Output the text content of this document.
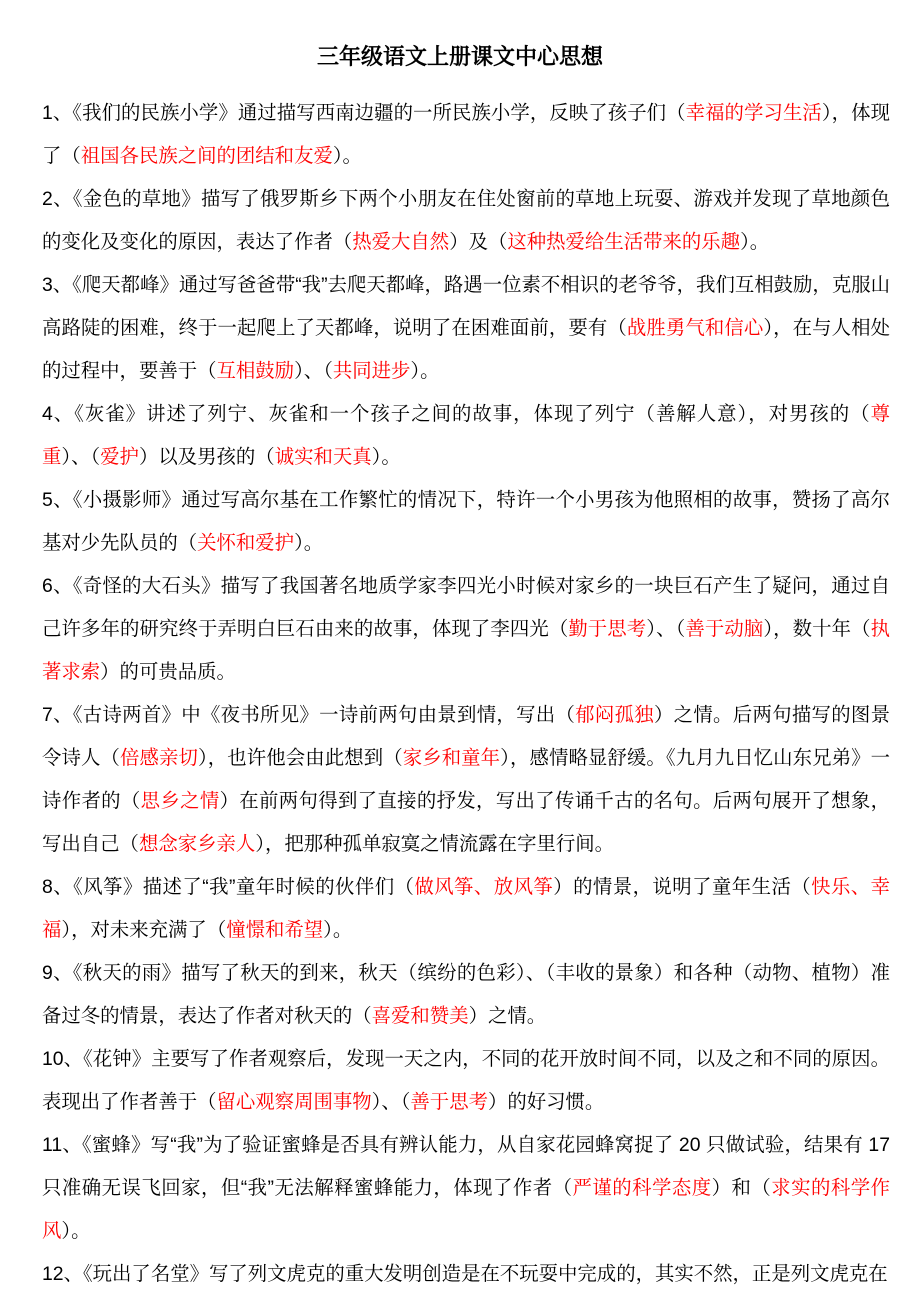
三年级语文上册课文中心思想

1、《我们的民族小学》通过描写西南边疆的一所民族小学，反映了孩子们（幸福的学习生活），体现了（祖国各民族之间的团结和友爱）。

2、《金色的草地》描写了俄罗斯乡下两个小朋友在住处窗前的草地上玩耍、游戏并发现了草地颜色的变化及变化的原因，表达了作者（热爱大自然）及（这种热爱给生活带来的乐趣）。

3、《爬天都峰》通过写爸爸带“我”去爬天都峰，路遇一位素不相识的老爷爷，我们互相鼓励，克服山高路陡的困难，终于一起爬上了天都峰，说明了在困难面前，要有（战胜勇气和信心），在与人相处的过程中，要善于（互相鼓励）、（共同进步）。

4、《灰雀》讲述了列宁、灰雀和一个孩子之间的故事，体现了列宁（善解人意），对男孩的（尊重）、（爱护）以及男孩的（诚实和天真）。

5、《小摄影师》通过写高尔基在工作繁忙的情况下，特许一个小男孩为他照相的故事，赞扬了高尔基对少先队员的（关怀和爱护）。

6、《奇怪的大石头》描写了我国著名地质学家李四光小时候对家乡的一块巨石产生了疑问，通过自己许多年的研究终于弄明白巨石由来的故事，体现了李四光（勤于思考）、（善于动脑），数十年（执著求索）的可贵品质。

7、《古诗两首》中《夜书所见》一诗前两句由景到情，写出（郁闷孤独）之情。后两句描写的图景令诗人（倍感亲切），也许他会由此想到（家乡和童年），感情略显舒缓。《九月九日忆山东兄弟》一诗作者的（思乡之情）在前两句得到了直接的抒发，写出了传诵千古的名句。后两句展开了想象，写出自己（想念家乡亲人），把那种孤单寂寞之情流露在字里行间。

8、《风筝》描述了“我”童年时候的伙伴们（做风筝、放风筝）的情景，说明了童年生活（快乐、幸福），对未来充满了（憧憬和希望）。

9、《秋天的雨》描写了秋天的到来，秋天（缤纷的色彩）、（丰收的景象）和各种（动物、植物）准备过冬的情景，表达了作者对秋天的（喜爱和赞美）之情。

10、《花钟》主要写了作者观察后，发现一天之内，不同的花开放时间不同，以及之和不同的原因。表现出了作者善于（留心观察周围事物）、（善于思考）的好习惯。

11、《蜜蜂》写“我”为了验证蜜蜂是否具有辨认能力，从自家花园蜂窝捉了 20 只做试验，结果有 17 只准确无误飞回家，但“我”无法解释蜜蜂能力，体现了作者（严谨的科学态度）和（求实的科学作风）。

12、《玩出了名堂》写了列文虎克的重大发明创造是在不玩耍中完成的，其实不然，正是列文虎克在
